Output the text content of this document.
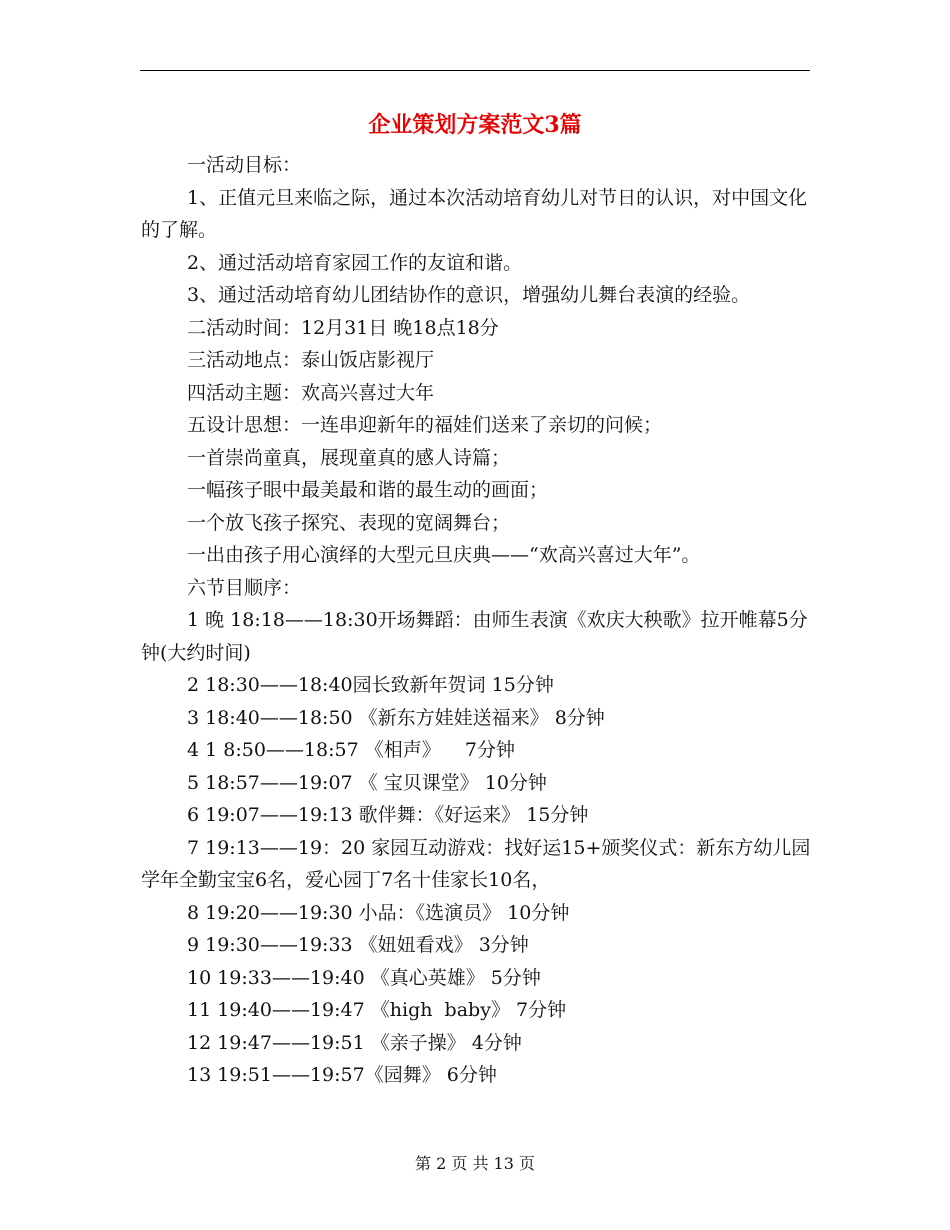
企业策划方案范文3篇

一活动目标：

1、正值元旦来临之际，通过本次活动培育幼儿对节日的认识，对中国文化的了解。

2、通过活动培育家园工作的友谊和谐。

3、通过活动培育幼儿团结协作的意识，增强幼儿舞台表演的经验。

二活动时间：12月31日 晚18点18分

三活动地点：泰山饭店影视厅

四活动主题：欢高兴喜过大年

五设计思想：一连串迎新年的福娃们送来了亲切的问候；

一首崇尚童真，展现童真的感人诗篇；

一幅孩子眼中最美最和谐的最生动的画面；

一个放飞孩子探究、表现的宽阔舞台；

一出由孩子用心演绎的大型元旦庆典——“欢高兴喜过大年”。

六节目顺序：

1 晚 18:18——18:30开场舞蹈：由师生表演《欢庆大秧歌》拉开帷幕5分钟(大约时间)

2 18:30——18:40园长致新年贺词 15分钟

3 18:40——18:50 《新东方娃娃送福来》 8分钟

4 1 8:50——18:57 《相声》    7分钟

5 18:57——19:07 《 宝贝课堂》 10分钟

6 19:07——19:13 歌伴舞：《好运来》 15分钟

7 19:13——19：20 家园互动游戏：找好运15+颁奖仪式：新东方幼儿园学年全勤宝宝6名，爱心园丁7名十佳家长10名，

8 19:20——19:30 小品：《选演员》 10分钟

9 19:30——19:33 《妞妞看戏》 3分钟

10 19:33——19:40 《真心英雄》 5分钟

11 19:40——19:47 《high  baby》 7分钟

12 19:47——19:51 《亲子操》 4分钟

13 19:51——19:57《园舞》 6分钟

第 2 页 共 13 页
